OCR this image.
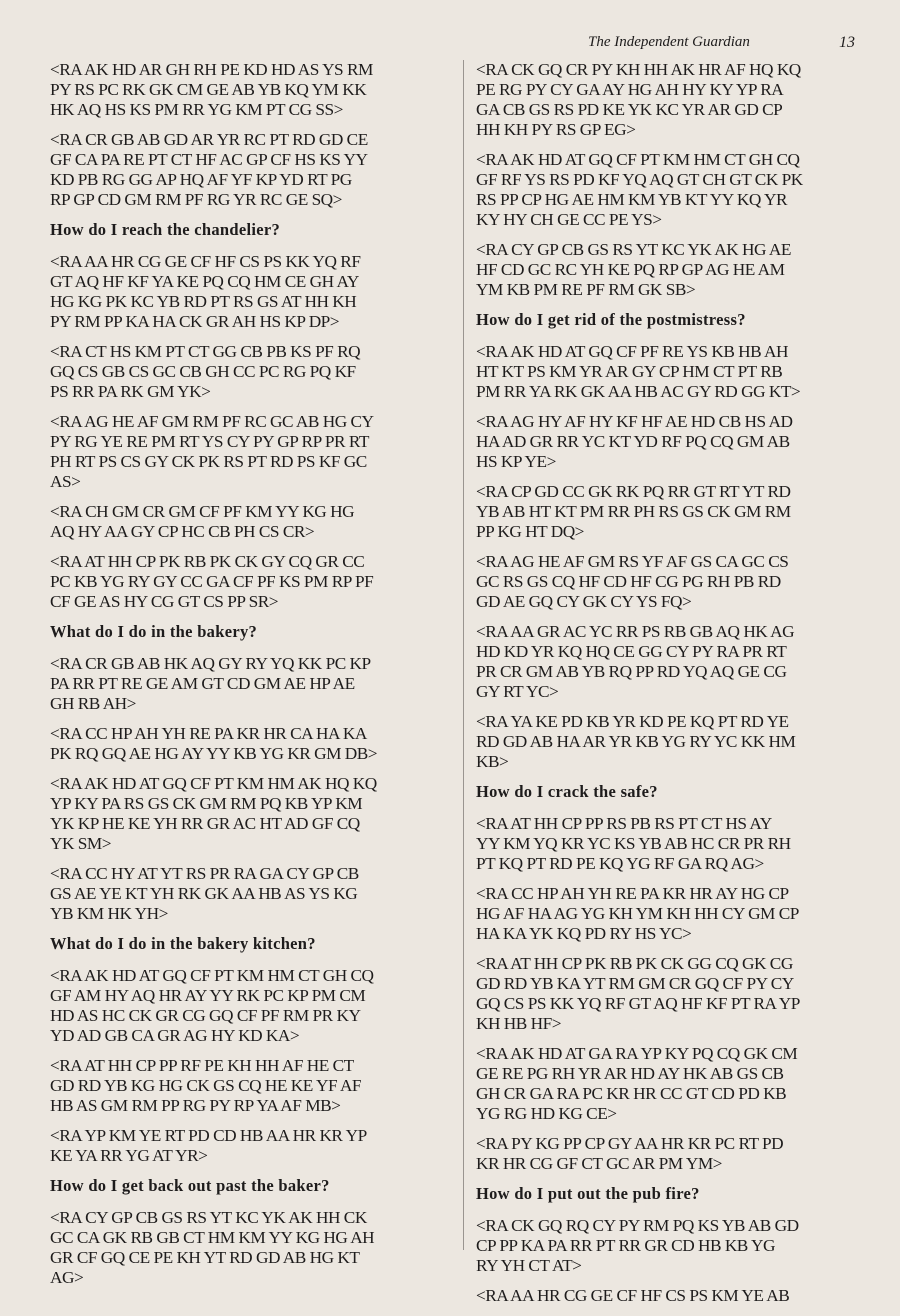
The Independent Guardian	13
<RA AK HD AR GH RH PE KD HD AS YS RM
PY RS PC RK GK CM GE AB YB KQ YM KK
HK AQ HS KS PM RR YG KM PT CG SS>
<RA CR GB AB GD AR YR RC PT RD GD CE
GF CA PA RE PT CT HF AC GP CF HS KS YY
KD PB RG GG AP HQ AF YF KP YD RT PG
RP GP CD GM RM PF RG YR RC GE SQ>
How do I reach the chandelier?
<RA AA HR CG GE CF HF CS PS KK YQ RF
GT AQ HF KF YA KE PQ CQ HM CE GH AY
HG KG PK KC YB RD PT RS GS AT HH KH
PY RM PP KA HA CK GR AH HS KP DP>
<RA CT HS KM PT CT GG CB PB KS PF RQ
GQ CS GB CS GC CB GH CC PC RG PQ KF
PS RR PA RK GM YK>
<RA AG HE AF GM RM PF RC GC AB HG CY
PY RG YE RE PM RT YS CY PY GP RP PR RT
PH RT PS CS GY CK PK RS PT RD PS KF GC
AS>
<RA CH GM CR GM CF PF KM YY KG HG
AQ HY AA GY CP HC CB PH CS CR>
<RA AT HH CP PK RB PK CK GY CQ GR CC
PC KB YG RY GY CC GA CF PF KS PM RP PF
CF GE AS HY CG GT CS PP SR>
What do I do in the bakery?
<RA CR GB AB HK AQ GY RY YQ KK PC KP
PA RR PT RE GE AM GT CD GM AE HP AE
GH RB AH>
<RA CC HP AH YH RE PA KR HR CA HA KA
PK RQ GQ AE HG AY YY KB YG KR GM DB>
<RA AK HD AT GQ CF PT KM HM AK HQ KQ
YP KY PA RS GS CK GM RM PQ KB YP KM
YK KP HE KE YH RR GR AC HT AD GF CQ
YK SM>
<RA CC HY AT YT RS PR RA GA CY GP CB
GS AE YE KT YH RK GK AA HB AS YS KG
YB KM HK YH>
What do I do in the bakery kitchen?
<RA AK HD AT GQ CF PT KM HM CT GH CQ
GF AM HY AQ HR AY YY RK PC KP PM CM
HD AS HC CK GR CG GQ CF PF RM PR KY
YD AD GB CA GR AG HY KD KA>
<RA AT HH CP PP RF PE KH HH AF HE CT
GD RD YB KG HG CK GS CQ HE KE YF AF
HB AS GM RM PP RG PY RP YA AF MB>
<RA YP KM YE RT PD CD HB AA HR KR YP
KE YA RR YG AT YR>
How do I get back out past the baker?
<RA CY GP CB GS RS YT KC YK AK HH CK
GC CA GK RB GB CT HM KM YY KG HG AH
GR CF GQ CE PE KH YT RD GD AB HG KT
AG>
<RA CK GQ CR PY KH HH AK HR AF HQ KQ
PE RG PY CY GA AY HG AH HY KY YP RA
GA CB GS RS PD KE YK KC YR AR GD CP
HH KH PY RS GP EG>
<RA AK HD AT GQ CF PT KM HM CT GH CQ
GF RF YS RS PD KF YQ AQ GT CH GT CK PK
RS PP CP HG AE HM KM YB KT YY KQ YR
KY HY CH GE CC PE YS>
<RA CY GP CB GS RS YT KC YK AK HG AE
HF CD GC RC YH KE PQ RP GP AG HE AM
YM KB PM RE PF RM GK SB>
How do I get rid of the postmistress?
<RA AK HD AT GQ CF PF RE YS KB HB AH
HT KT PS KM YR AR GY CP HM CT PT RB
PM RR YA RK GK AA HB AC GY RD GG KT>
<RA AG HY AF HY KF HF AE HD CB HS AD
HA AD GR RR YC KT YD RF PQ CQ GM AB
HS KP YE>
<RA CP GD CC GK RK PQ RR GT RT YT RD
YB AB HT KT PM RR PH RS GS CK GM RM
PP KG HT DQ>
<RA AG HE AF GM RS YF AF GS CA GC CS
GC RS GS CQ HF CD HF CG PG RH PB RD
GD AE GQ CY GK CY YS FQ>
<RA AA GR AC YC RR PS RB GB AQ HK AG
HD KD YR KQ HQ CE GG CY PY RA PR RT
PR CR GM AB YB RQ PP RD YQ AQ GE CG
GY RT YC>
<RA YA KE PD KB YR KD PE KQ PT RD YE
RD GD AB HA AR YR KB YG RY YC KK HM
KB>
How do I crack the safe?
<RA AT HH CP PP RS PB RS PT CT HS AY
YY KM YQ KR YC KS YB AB HC CR PR RH
PT KQ PT RD PE KQ YG RF GA RQ AG>
<RA CC HP AH YH RE PA KR HR AY HG CP
HG AF HA AG YG KH YM KH HH CY GM CP
HA KA YK KQ PD RY HS YC>
<RA AT HH CP PK RB PK CK GG CQ GK CG
GD RD YB KA YT RM GM CR GQ CF PY CY
GQ CS PS KK YQ RF GT AQ HF KF PT RA YP
KH HB HF>
<RA AK HD AT GA RA YP KY PQ CQ GK CM
GE RE PG RH YR AR HD AY HK AB GS CB
GH CR GA RA PC KR HR CC GT CD PD KB
YG RG HD KG CE>
<RA PY KG PP CP GY AA HR KR PC RT PD
KR HR CG GF CT GC AR PM YM>
How do I put out the pub fire?
<RA CK GQ RQ CY PY RM PQ KS YB AB GD
CP PP KA PA RR PT RR GR CD HB KB YG
RY YH CT AT>
<RA AA HR CG GE CF HF CS PS KM YE AB
